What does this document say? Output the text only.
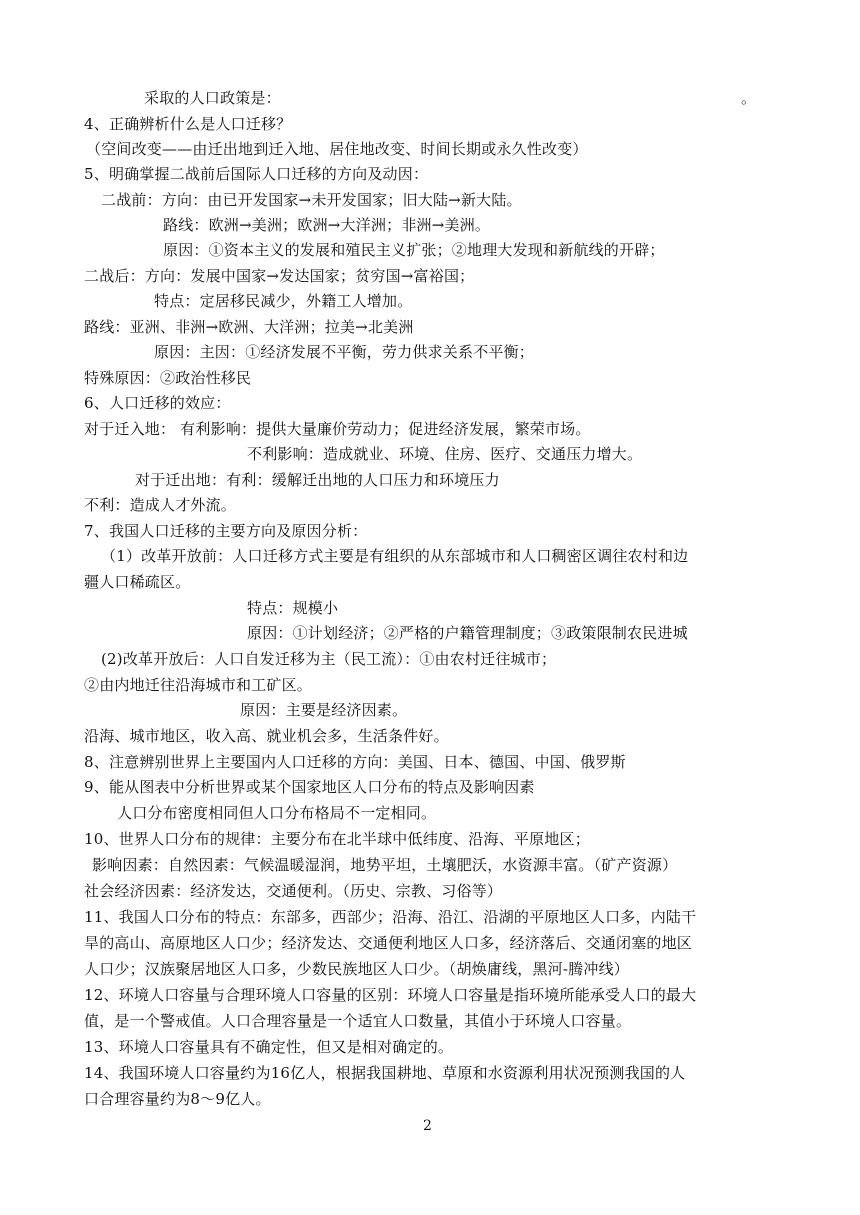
采取的人口政策是：	。
4、正确辨析什么是人口迁移？
（空间改变——由迁出地到迁入地、居住地改变、时间长期或永久性改变）
5、明确掌握二战前后国际人口迁移的方向及动因：
二战前：方向：由已开发国家→未开发国家；旧大陆→新大陆。
路线：欧洲→美洲；欧洲→大洋洲；非洲→美洲。
原因：①资本主义的发展和殖民主义扩张；②地理大发现和新航线的开辟；
二战后：方向：发展中国家→发达国家；贫穷国→富裕国；
特点：定居移民减少，外籍工人增加。
路线：亚洲、非洲→欧洲、大洋洲；拉美→北美洲
原因：主因：①经济发展不平衡，劳力供求关系不平衡；
特殊原因：②政治性移民
6、人口迁移的效应：
对于迁入地： 有利影响：提供大量廉价劳动力；促进经济发展，繁荣市场。
不利影响：造成就业、环境、住房、医疗、交通压力增大。
对于迁出地：有利：缓解迁出地的人口压力和环境压力
不利：造成人才外流。
7、我国人口迁移的主要方向及原因分析：
（1）改革开放前：人口迁移方式主要是有组织的从东部城市和人口稠密区调往农村和边
疆人口稀疏区。
特点：规模小
原因：①计划经济；②严格的户籍管理制度；③政策限制农民进城
(2)改革开放后：人口自发迁移为主（民工流）：①由农村迁往城市；
②由内地迁往沿海城市和工矿区。
原因：主要是经济因素。
沿海、城市地区，收入高、就业机会多，生活条件好。
8、注意辨别世界上主要国内人口迁移的方向：美国、日本、德国、中国、俄罗斯
9、能从图表中分析世界或某个国家地区人口分布的特点及影响因素
人口分布密度相同但人口分布格局不一定相同。
10、世界人口分布的规律：主要分布在北半球中低纬度、沿海、平原地区；
影响因素：自然因素：气候温暖湿润，地势平坦，土壤肥沃，水资源丰富。（矿产资源）
社会经济因素：经济发达，交通便利。（历史、宗教、习俗等）
11、我国人口分布的特点：东部多，西部少；沿海、沿江、沿湖的平原地区人口多，内陆干
旱的高山、高原地区人口少；经济发达、交通便利地区人口多，经济落后、交通闭塞的地区
人口少；汉族聚居地区人口多，少数民族地区人口少。（胡焕庸线，黑河-腾冲线）
12、环境人口容量与合理环境人口容量的区别：环境人口容量是指环境所能承受人口的最大
值，是一个警戒值。人口合理容量是一个适宜人口数量，其值小于环境人口容量。
13、环境人口容量具有不确定性，但又是相对确定的。
14、我国环境人口容量约为16亿人，根据我国耕地、草原和水资源利用状况预测我国的人
口合理容量约为8～9亿人。
2
